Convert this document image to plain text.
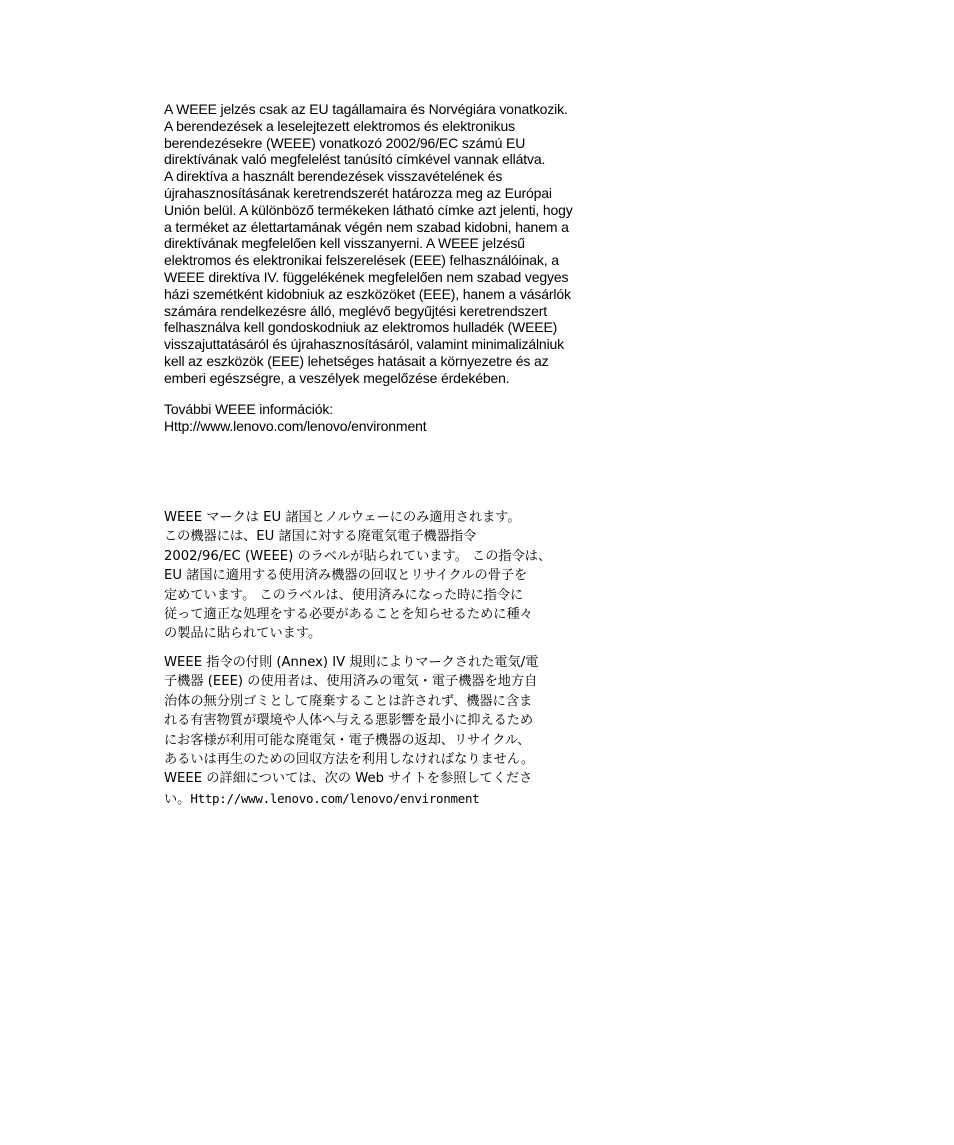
A WEEE jelzés csak az EU tagállamaira és Norvégiára vonatkozik.
A berendezések a leselejtezett elektromos és elektronikus
berendezésekre (WEEE) vonatkozó 2002/96/EC számú EU
direktívának való megfelelést tanúsító címkével vannak ellátva.
A direktíva a használt berendezések visszavételének és
újrahasznosításának keretrendszerét határozza meg az Európai
Unión belül. A különböző termékeken látható címke azt jelenti, hogy
a terméket az élettartamának végén nem szabad kidobni, hanem a
direktívának megfelelően kell visszanyerni. A WEEE jelzésű
elektromos és elektronikai felszerelések (EEE) felhasználóinak, a
WEEE direktíva IV. függelékének megfelelően nem szabad vegyes
házi szemétként kidobniuk az eszközöket (EEE), hanem a vásárlók
számára rendelkezésre álló, meglévő begyűjtési keretrendszert
felhasználva kell gondoskodniuk az elektromos hulladék (WEEE)
visszajuttatásáról és újrahasznosításáról, valamint minimalizálniuk
kell az eszközök (EEE) lehetséges hatásait a környezetre és az
emberi egészségre, a veszélyek megelőzése érdekében.
További WEEE információk:
Http://www.lenovo.com/lenovo/environment
WEEE マークは EU 諸国とノルウェーにのみ適用されます。
この機器には、EU 諸国に対する廃電気電子機器指令
2002/96/EC (WEEE) のラベルが貼られています。 この指令は、
EU 諸国に適用する使用済み機器の回収とリサイクルの骨子を
定めています。 このラベルは、使用済みになった時に指令に
従って適正な処理をする必要があることを知らせるために種々
の製品に貼られています。
WEEE 指令の付則 (Annex) IV 規則によりマークされた電気/電
子機器 (EEE) の使用者は、使用済みの電気・電子機器を地方自
治体の無分別ゴミとして廃棄することは許されず、機器に含ま
れる有害物質が環境や人体へ与える悪影響を最小に抑えるため
にお客様が利用可能な廃電気・電子機器の返却、リサイクル、
あるいは再生のための回収方法を利用しなければなりません。
WEEE の詳細については、次の Web サイトを参照してくださ
い。Http://www.lenovo.com/lenovo/environment
